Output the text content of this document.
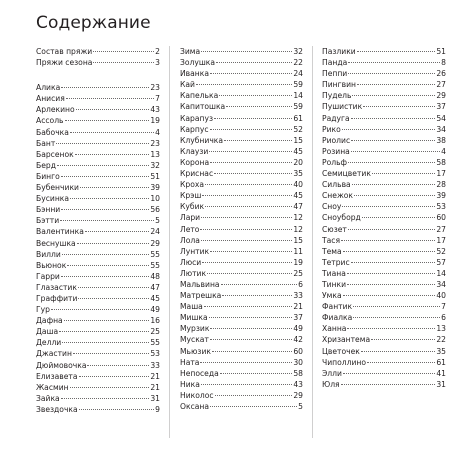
Содержание
Состав пряжи	2
Пряжи сезона	3
Алика	23
Анисия	7
Арлекино	43
Ассоль	19
Бабочка	4
Бант	23
Барсенок	13
Берд	32
Бинго	51
Бубенчики	39
Бусинка	10
Бэнни	56
Бэтти	5
Валентинка	24
Веснушка	29
Вилли	55
Вьюнок	55
Гарри	48
Глазастик	47
Граффити	45
Гур	49
Дафна	16
Даша	25
Делли	55
Джастин	53
Дюймовочка	33
Елизавета	21
Жасмин	21
Зайка	31
Звездочка	9
Зима	32
Золушка	22
Иванка	24
Кай	59
Капелька	14
Капитошка	59
Карапуз	61
Карпус	52
Клубничка	15
Клаузи	45
Корона	20
Криснас	35
Кроха	40
Крэш	45
Кубик	47
Лари	12
Лето	12
Лола	15
Лунтик	11
Люси	19
Лютик	25
Мальвина	6
Матрешка	33
Маша	21
Мишка	37
Мурзик	49
Мускат	42
Мьюзик	60
Ната	30
Непоседа	58
Ника	43
Николос	29
Оксана	5
Пазлики	51
Панда	8
Пеппи	26
Пингвин	27
Пудель	29
Пушистик	37
Радуга	54
Рико	34
Риолис	38
Розина	4
Рольф	58
Семицветик	17
Сильва	28
Снежок	39
Сноу	53
Сноуборд	60
Сюзет	27
Тася	17
Тема	52
Тетрис	57
Тиана	14
Тинки	34
Умка	40
Фантик	7
Фиалка	6
Ханна	13
Хризантема	22
Цветочек	35
Чиполлино	61
Элли	41
Юля	31
